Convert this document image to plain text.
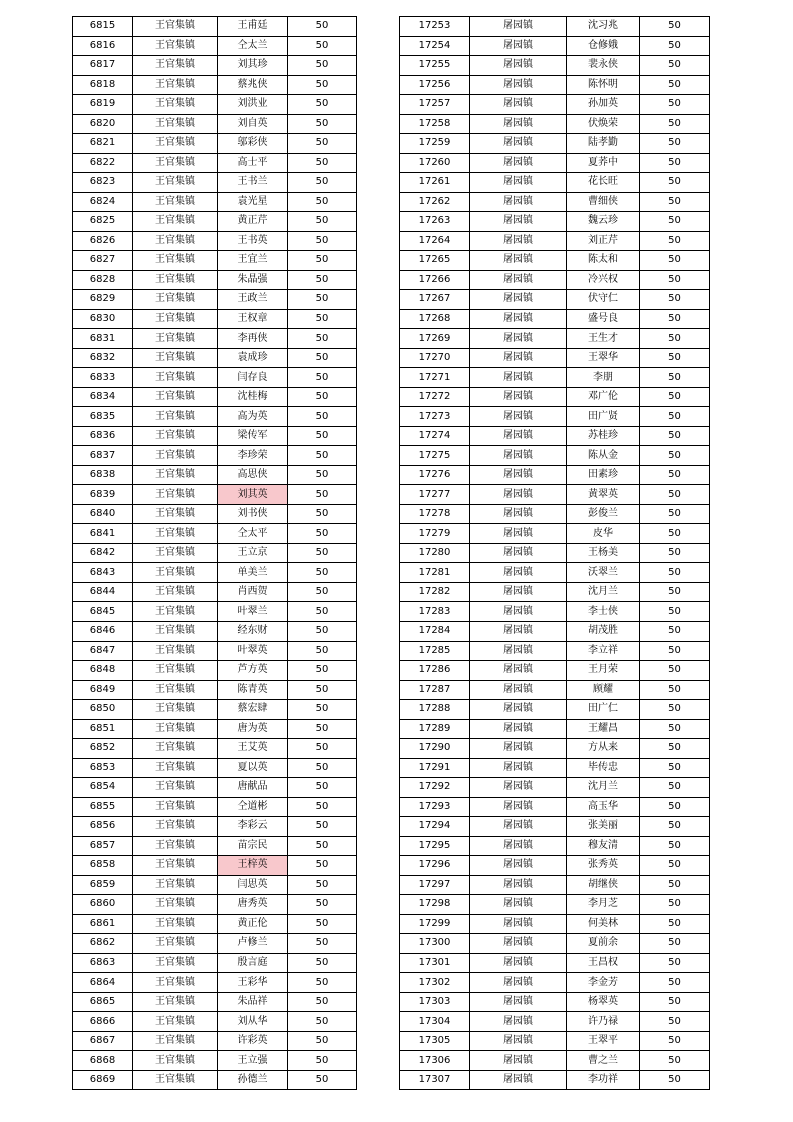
6815	王官集镇	王甫廷	50
6816	王官集镇	仝太兰	50
6817	王官集镇	刘其珍	50
6818	王官集镇	蔡兆侠	50
6819	王官集镇	刘洪业	50
6820	王官集镇	刘自英	50
6821	王官集镇	邬彩侠	50
6822	王官集镇	高士平	50
6823	王官集镇	王书兰	50
6824	王官集镇	袁光星	50
6825	王官集镇	黄正芹	50
6826	王官集镇	王书英	50
6827	王官集镇	王宜兰	50
6828	王官集镇	朱晶强	50
6829	王官集镇	王政兰	50
6830	王官集镇	王权章	50
6831	王官集镇	李再侠	50
6832	王官集镇	袁成珍	50
6833	王官集镇	闫存良	50
6834	王官集镇	沈桂梅	50
6835	王官集镇	高为英	50
6836	王官集镇	梁传军	50
6837	王官集镇	李珍荣	50
6838	王官集镇	高思侠	50
6839	王官集镇	刘其英	50
6840	王官集镇	刘书侠	50
6841	王官集镇	仝太平	50
6842	王官集镇	王立京	50
6843	王官集镇	单美兰	50
6844	王官集镇	肖西贺	50
6845	王官集镇	叶翠兰	50
6846	王官集镇	经东财	50
6847	王官集镇	叶翠英	50
6848	王官集镇	芦方英	50
6849	王官集镇	陈青英	50
6850	王官集镇	蔡宏肆	50
6851	王官集镇	唐为英	50
6852	王官集镇	王艾英	50
6853	王官集镇	夏以英	50
6854	王官集镇	唐献品	50
6855	王官集镇	仝道彬	50
6856	王官集镇	李彩云	50
6857	王官集镇	苗宗民	50
6858	王官集镇	王梓英	50
6859	王官集镇	闫思英	50
6860	王官集镇	唐秀英	50
6861	王官集镇	黄正伦	50
6862	王官集镇	卢修兰	50
6863	王官集镇	殷言庭	50
6864	王官集镇	王彩华	50
6865	王官集镇	朱品祥	50
6866	王官集镇	刘从华	50
6867	王官集镇	许彩英	50
6868	王官集镇	王立强	50
6869	王官集镇	孙德兰	50
17253	屠园镇	沈习兆	50
17254	屠园镇	仓修娥	50
17255	屠园镇	裴永侠	50
17256	屠园镇	陈怀明	50
17257	屠园镇	孙加英	50
17258	屠园镇	伏焕荣	50
17259	屠园镇	陆孝勤	50
17260	屠园镇	夏荞中	50
17261	屠园镇	花长旺	50
17262	屠园镇	曹细侠	50
17263	屠园镇	魏云珍	50
17264	屠园镇	刘正芹	50
17265	屠园镇	陈太和	50
17266	屠园镇	冷兴权	50
17267	屠园镇	伏守仁	50
17268	屠园镇	盛号良	50
17269	屠园镇	王生才	50
17270	屠园镇	王翠华	50
17271	屠园镇	李朋	50
17272	屠园镇	邓广伦	50
17273	屠园镇	田广贤	50
17274	屠园镇	苏桂珍	50
17275	屠园镇	陈从金	50
17276	屠园镇	田素珍	50
17277	屠园镇	黄翠英	50
17278	屠园镇	彭俊兰	50
17279	屠园镇	皮华	50
17280	屠园镇	王杨美	50
17281	屠园镇	沃翠兰	50
17282	屠园镇	沈月兰	50
17283	屠园镇	李士侠	50
17284	屠园镇	胡茂胜	50
17285	屠园镇	李立祥	50
17286	屠园镇	王月荣	50
17287	屠园镇	顾耀	50
17288	屠园镇	田广仁	50
17289	屠园镇	王耀昌	50
17290	屠园镇	方从来	50
17291	屠园镇	毕传忠	50
17292	屠园镇	沈月兰	50
17293	屠园镇	高玉华	50
17294	屠园镇	张美丽	50
17295	屠园镇	穆友清	50
17296	屠园镇	张秀英	50
17297	屠园镇	胡继侠	50
17298	屠园镇	李月芝	50
17299	屠园镇	何美林	50
17300	屠园镇	夏前余	50
17301	屠园镇	王昌权	50
17302	屠园镇	李金芳	50
17303	屠园镇	杨翠英	50
17304	屠园镇	许乃禄	50
17305	屠园镇	王翠平	50
17306	屠园镇	曹之兰	50
17307	屠园镇	李功祥	50
